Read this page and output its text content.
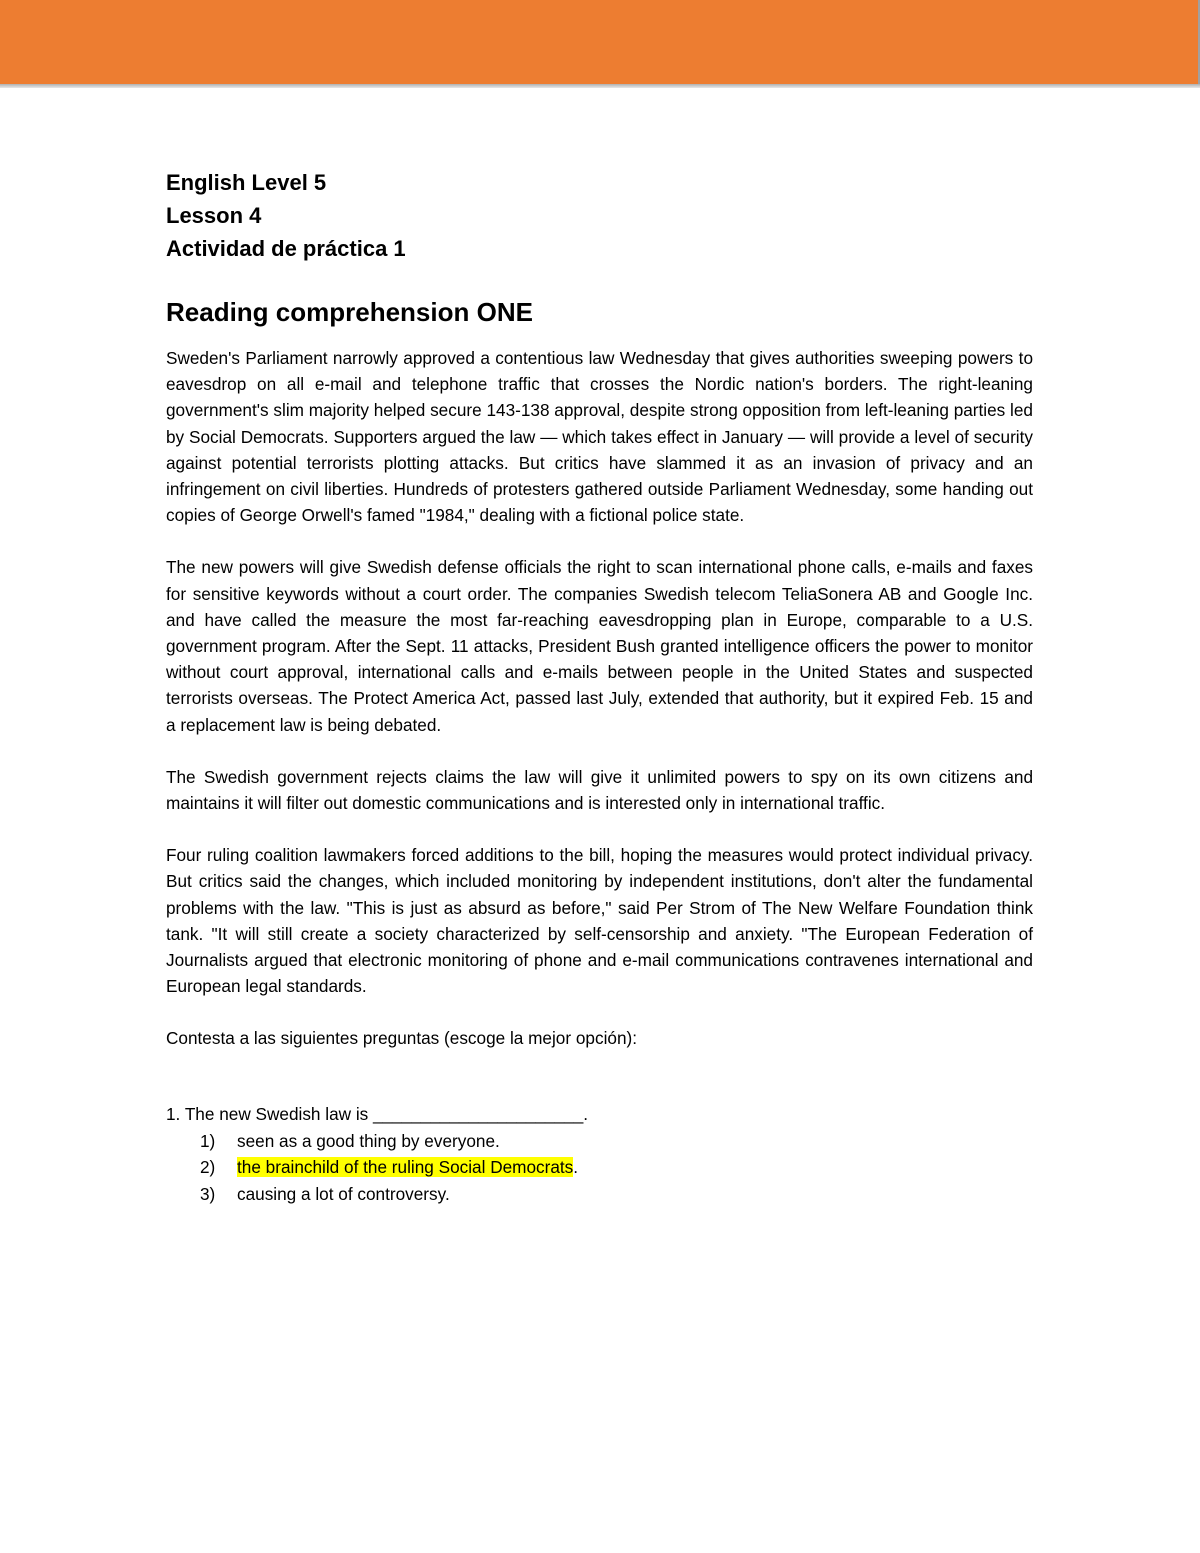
English Level 5

Lesson 4

Actividad de práctica 1

Reading comprehension ONE

Sweden's Parliament narrowly approved a contentious law Wednesday that gives authorities sweeping powers to eavesdrop on all e-mail and telephone traffic that crosses the Nordic nation's borders. The right-leaning government's slim majority helped secure 143-138 approval, despite strong opposition from left-leaning parties led by Social Democrats. Supporters argued the law — which takes effect in January — will provide a level of security against potential terrorists plotting attacks. But critics have slammed it as an invasion of privacy and an infringement on civil liberties. Hundreds of protesters gathered outside Parliament Wednesday, some handing out copies of George Orwell's famed "1984," dealing with a fictional police state.

The new powers will give Swedish defense officials the right to scan international phone calls, e-mails and faxes for sensitive keywords without a court order. The companies Swedish telecom TeliaSonera AB and Google Inc. and have called the measure the most far-reaching eavesdropping plan in Europe, comparable to a U.S. government program. After the Sept. 11 attacks, President Bush granted intelligence officers the power to monitor without court approval, international calls and e-mails between people in the United States and suspected terrorists overseas. The Protect America Act, passed last July, extended that authority, but it expired Feb. 15 and a replacement law is being debated.

The Swedish government rejects claims the law will give it unlimited powers to spy on its own citizens and maintains it will filter out domestic communications and is interested only in international traffic.

Four ruling coalition lawmakers forced additions to the bill, hoping the measures would protect individual privacy. But critics said the changes, which included monitoring by independent institutions, don't alter the fundamental problems with the law. "This is just as absurd as before," said Per Strom of The New Welfare Foundation think tank. "It will still create a society characterized by self-censorship and anxiety. "The European Federation of Journalists argued that electronic monitoring of phone and e-mail communications contravenes international and European legal standards.

Contesta a las siguientes preguntas (escoge la mejor opción):

1. The new Swedish law is ______________________.
1)	seen as a good thing by everyone.
2)	the brainchild of the ruling Social Democrats.
3)	causing a lot of controversy.
